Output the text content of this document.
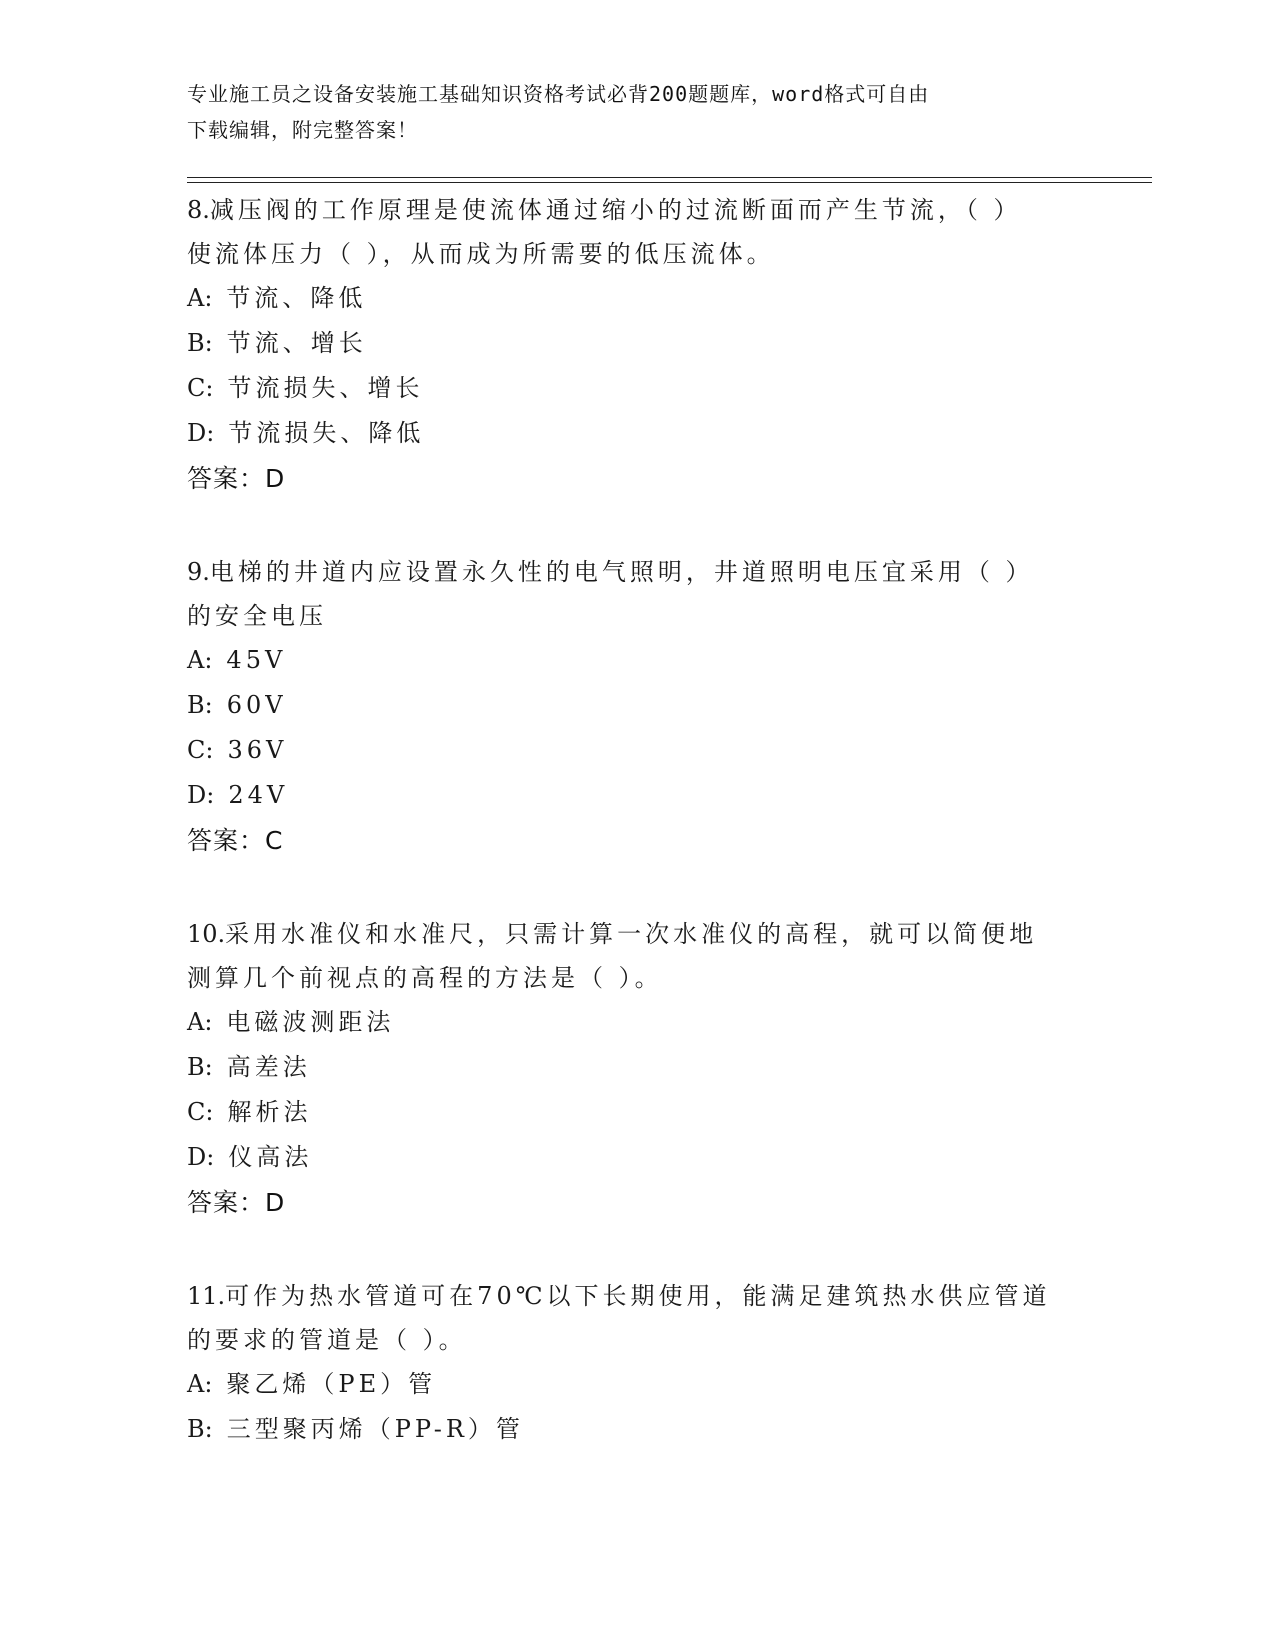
专业施工员之设备安装施工基础知识资格考试必背200题题库，word格式可自由
下载编辑，附完整答案！
8.减压阀的工作原理是使流体通过缩小的过流断面而产生节流，（ ）
使流体压力（ ），从而成为所需要的低压流体。
A: 节流、降低
B: 节流、增长
C: 节流损失、增长
D: 节流损失、降低
答案：D
9.电梯的井道内应设置永久性的电气照明，井道照明电压宜采用（ ）
的安全电压
A: 45V
B: 60V
C: 36V
D: 24V
答案：C
10.采用水准仪和水准尺，只需计算一次水准仪的高程，就可以简便地
测算几个前视点的高程的方法是（ ）。
A: 电磁波测距法
B: 高差法
C: 解析法
D: 仪高法
答案：D
11.可作为热水管道可在70℃以下长期使用，能满足建筑热水供应管道
的要求的管道是（ ）。
A: 聚乙烯（PE）管
B: 三型聚丙烯（PP-R）管
